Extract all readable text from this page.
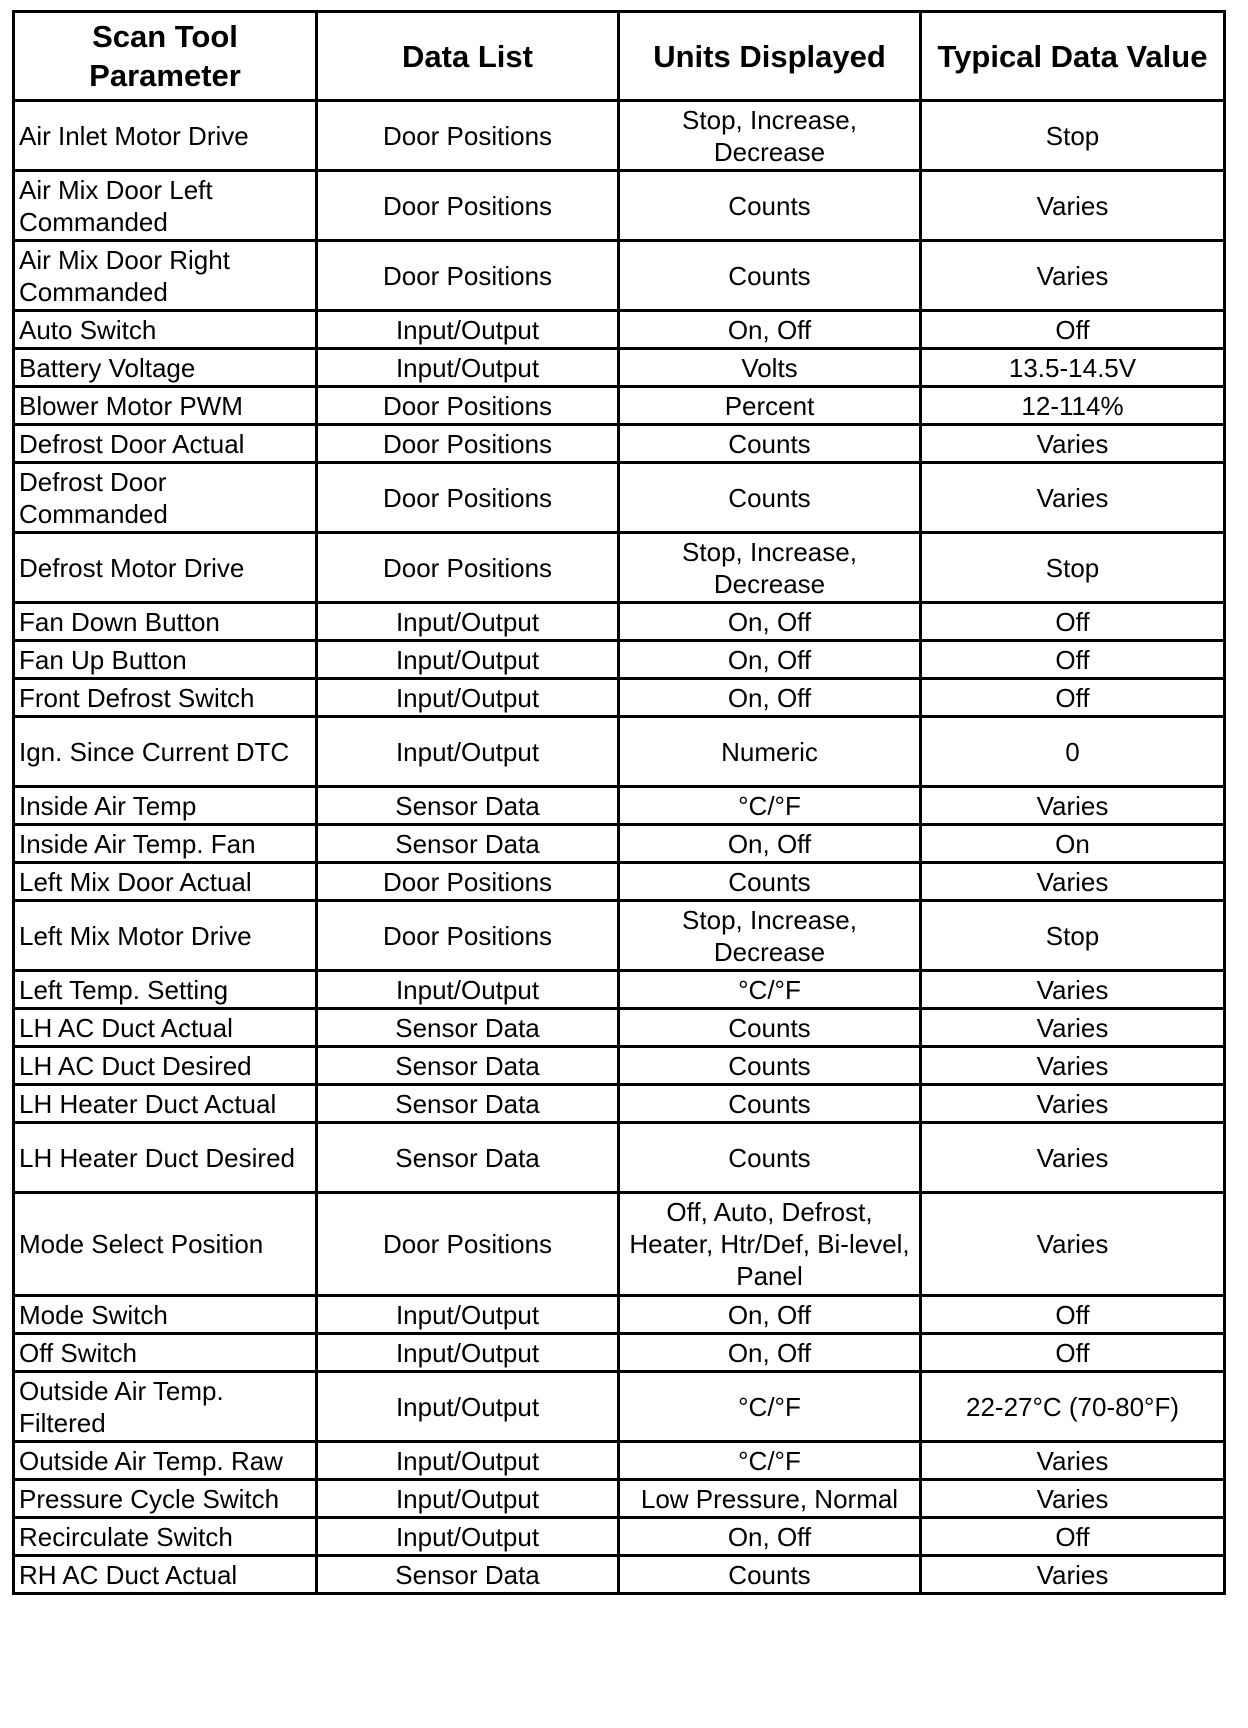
Scan Tool Parameter	Data List	Units Displayed	Typical Data Value
Air Inlet Motor Drive	Door Positions	Stop, Increase, Decrease	Stop
Air Mix Door Left Commanded	Door Positions	Counts	Varies
Air Mix Door Right Commanded	Door Positions	Counts	Varies
Auto Switch	Input/Output	On, Off	Off
Battery Voltage	Input/Output	Volts	13.5-14.5V
Blower Motor PWM	Door Positions	Percent	12-114%
Defrost Door Actual	Door Positions	Counts	Varies
Defrost Door Commanded	Door Positions	Counts	Varies
Defrost Motor Drive	Door Positions	Stop, Increase, Decrease	Stop
Fan Down Button	Input/Output	On, Off	Off
Fan Up Button	Input/Output	On, Off	Off
Front Defrost Switch	Input/Output	On, Off	Off
Ign. Since Current DTC	Input/Output	Numeric	0
Inside Air Temp	Sensor Data	°C/°F	Varies
Inside Air Temp. Fan	Sensor Data	On, Off	On
Left Mix Door Actual	Door Positions	Counts	Varies
Left Mix Motor Drive	Door Positions	Stop, Increase, Decrease	Stop
Left Temp. Setting	Input/Output	°C/°F	Varies
LH AC Duct Actual	Sensor Data	Counts	Varies
LH AC Duct Desired	Sensor Data	Counts	Varies
LH Heater Duct Actual	Sensor Data	Counts	Varies
LH Heater Duct Desired	Sensor Data	Counts	Varies
Mode Select Position	Door Positions	Off, Auto, Defrost, Heater, Htr/Def, Bi-level, Panel	Varies
Mode Switch	Input/Output	On, Off	Off
Off Switch	Input/Output	On, Off	Off
Outside Air Temp. Filtered	Input/Output	°C/°F	22-27°C (70-80°F)
Outside Air Temp. Raw	Input/Output	°C/°F	Varies
Pressure Cycle Switch	Input/Output	Low Pressure, Normal	Varies
Recirculate Switch	Input/Output	On, Off	Off
RH AC Duct Actual	Sensor Data	Counts	Varies
